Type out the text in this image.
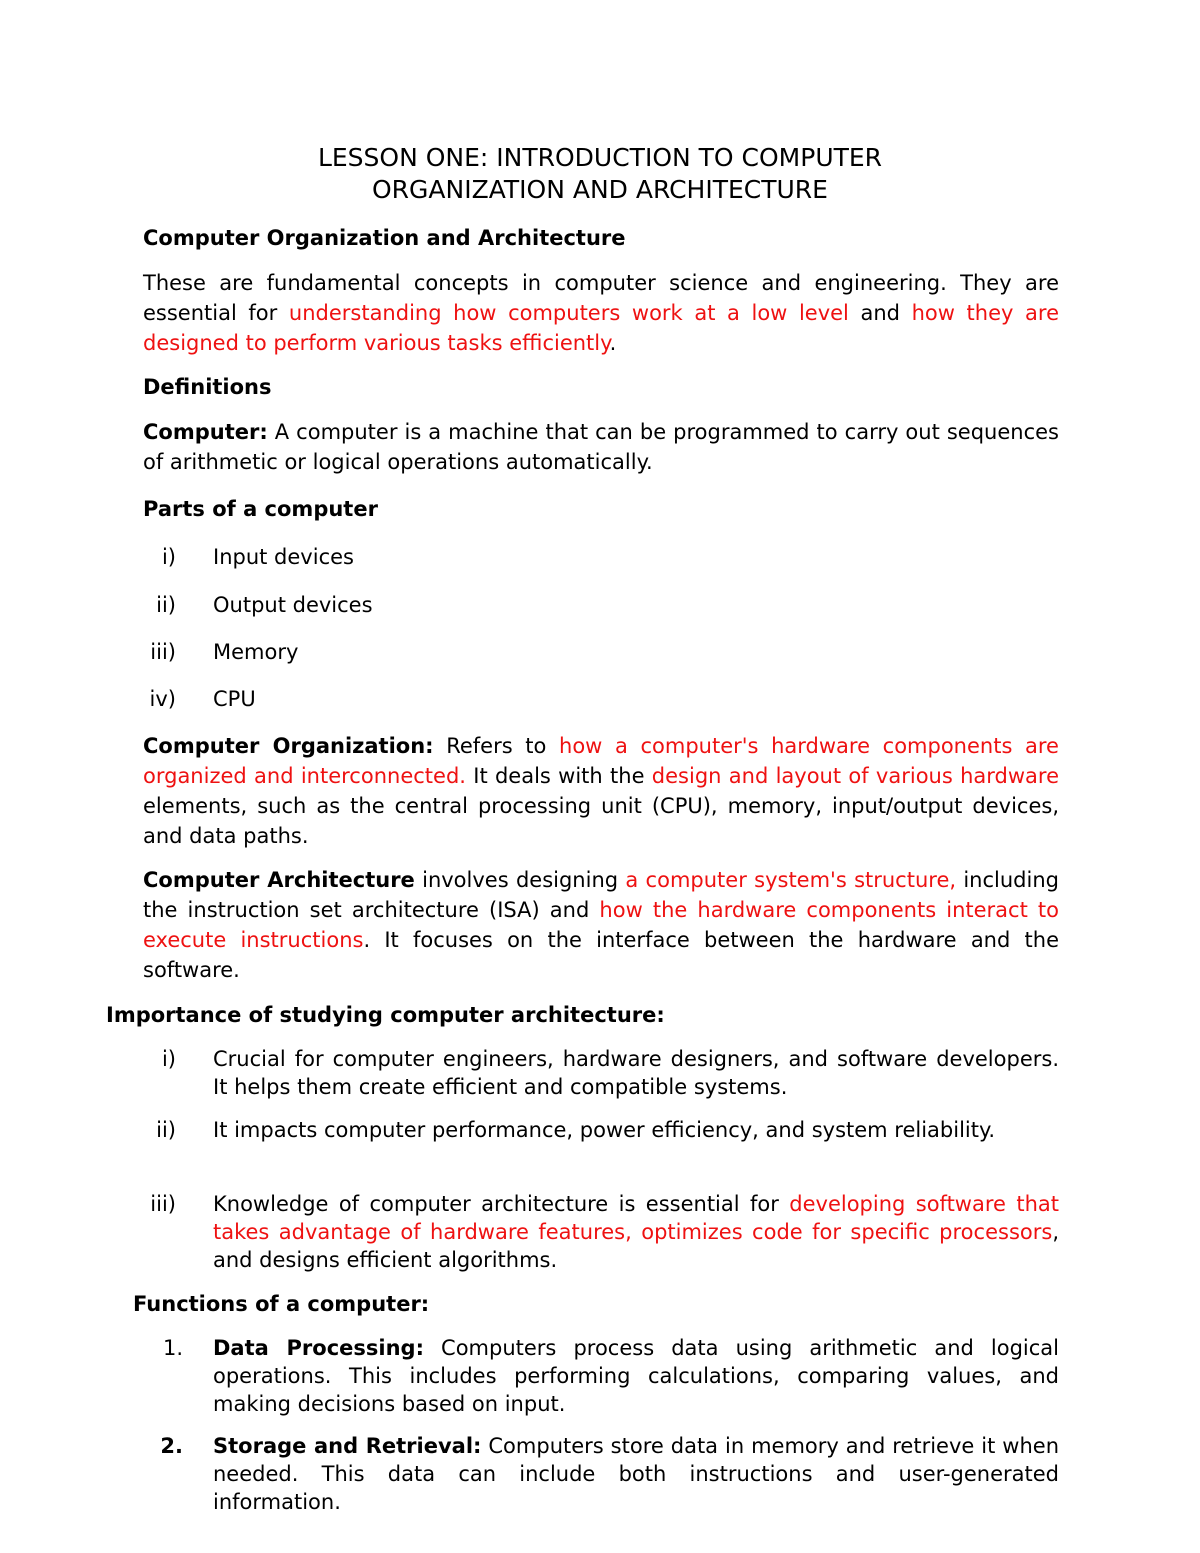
LESSON ONE: INTRODUCTION TO COMPUTER
ORGANIZATION AND ARCHITECTURE
Computer Organization and Architecture

These are fundamental concepts in computer science and engineering. They are essential for understanding how computers work at a low level and how they are designed to perform various tasks efficiently.

Definitions

Computer: A computer is a machine that can be programmed to carry out sequences of arithmetic or logical operations automatically.

Parts of a computer
i) Input devices
ii) Output devices
iii) Memory
iv) CPU

Computer Organization: Refers to how a computer's hardware components are organized and interconnected. It deals with the design and layout of various hardware elements, such as the central processing unit (CPU), memory, input/output devices, and data paths.

Computer Architecture involves designing a computer system's structure, including the instruction set architecture (ISA) and how the hardware components interact to execute instructions. It focuses on the interface between the hardware and the software.

Importance of studying computer architecture:
i) Crucial for computer engineers, hardware designers, and software developers. It helps them create efficient and compatible systems.
ii) It impacts computer performance, power efficiency, and system reliability.
iii) Knowledge of computer architecture is essential for developing software that takes advantage of hardware features, optimizes code for specific processors, and designs efficient algorithms.
Functions of a computer:
1. Data Processing: Computers process data using arithmetic and logical operations. This includes performing calculations, comparing values, and making decisions based on input.
2. Storage and Retrieval: Computers store data in memory and retrieve it when needed. This data can include both instructions and user-generated information.
